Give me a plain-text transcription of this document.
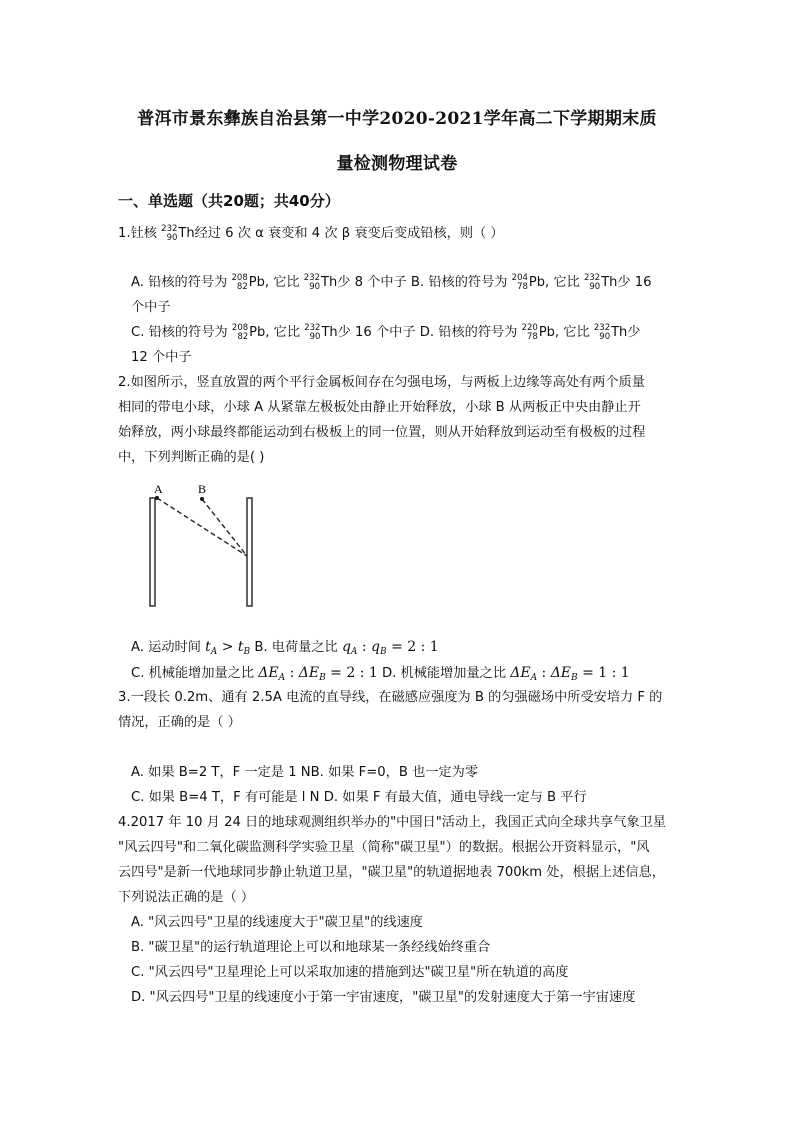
普洱市景东彝族自治县第一中学2020-2021学年高二下学期期末质
量检测物理试卷
一、单选题（共20题；共40分）
1.钍核 232
90 Th经过 6 次 α 衰变和 4 次 β 衰变后变成铅核，则（ ）
A. 铅核的符号为 208
82 Pb, 它比 232
90 Th少 8 个中子 B. 铅核的符号为 204
78 Pb, 它比 232
90 Th少 16
个中子
C. 铅核的符号为 208
82 Pb, 它比 232
90 Th少 16 个中子 D. 铅核的符号为 220
78 Pb, 它比 232
90 Th少
12 个中子
2.如图所示，竖直放置的两个平行金属板间存在匀强电场，与两板上边缘等高处有两个质量
相同的带电小球，小球 A 从紧靠左极板处由静止开始释放，小球 B 从两板正中央由静止开
始释放，两小球最终都能运动到右极板上的同一位置，则从开始释放到运动至有极板的过程
中，下列判断正确的是( )
A	B
A. 运动时间 $t_A > t_B$ B. 电荷量之比 $q_A$ : $q_B = 2$ : 1
C. 机械能增加量之比 $\Delta E_A$ : $\Delta E_B = 2$ : 1 D. 机械能增加量之比 $\Delta E_A$ : $\Delta E_B = 1$ : 1
3.一段长 0.2m、通有 2.5A 电流的直导线，在磁感应强度为 B 的匀强磁场中所受安培力 F 的
情况，正确的是（ ）
A. 如果 B=2 T，F 一定是 1 NB. 如果 F=0，B 也一定为零
C. 如果 B=4 T，F 有可能是 l N D. 如果 F 有最大值，通电导线一定与 B 平行
4.2017 年 10 月 24 日的地球观测组织举办的"中国日"活动上，我国正式向全球共享气象卫星
"风云四号"和二氧化碳监测科学实验卫星（简称"碳卫星"）的数据。根据公开资料显示，"风
云四号"是新一代地球同步静止轨道卫星，"碳卫星"的轨道据地表 700km 处，根据上述信息，
下列说法正确的是（ ）
A. "风云四号"卫星的线速度大于"碳卫星"的线速度
B. "碳卫星"的运行轨道理论上可以和地球某一条经线始终重合
C. "风云四号"卫星理论上可以采取加速的措施到达"碳卫星"所在轨道的高度
D. "风云四号"卫星的线速度小于第一宇宙速度，"碳卫星"的发射速度大于第一宇宙速度
